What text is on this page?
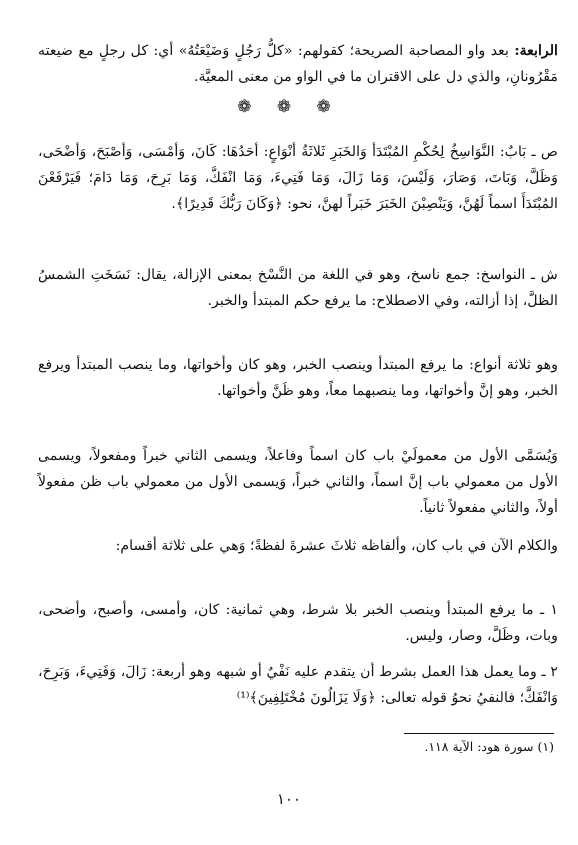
الرابعة: بعد واو المصاحبة الصريحة؛ كقولهم: «كلُّ رَجُلٍ وَضَيْعَتُهُ» أي: كل رجلٍ مع ضيعته مَقْرُونانِ، والذي دل على الاقتران ما في الواو من معنى المعيَّة.

❁ ❁ ❁

ص ـ بَابٌ: النَّوَاسِخُ لِحُكْمِ المُبْتَدَأ وَالخَبَرِ ثَلاثَةُ أنْوَاعٍ: أحَدُهَا: كَانَ، وَأمْسَى، وَأصْبَحَ، وَأضْحَى، وَظَلَّ، وَبَاتَ، وَصَارَ، وَلَيْسَ، وَمَا زَالَ، وَمَا فَتِيءَ، وَمَا انْفَكَّ، وَمَا بَرِحَ، وَمَا دَامَ؛ فَيَرْفَعْنَ المُبْتَدَأَ اسماً لَهُنَّ، وَيَنْصِبْنَ الخَبَرَ خَبَراً لهنَّ، نحو: ﴿وَكَانَ رَبُّكَ قَدِيرًا﴾.

ش ـ النواسخ: جمع ناسخ، وهو في اللغة من النَّسْخ بمعنى الإزالة، يقال: نَسَخَتِ الشمسُ الظلَّ، إذا أزالته، وفي الاصطلاح: ما يرفع حكم المبتدأ والخبر.

وهو ثلاثة أنواع: ما يرفع المبتدأ وينصب الخبر، وهو كان وأخواتها، وما ينصب المبتدأ ويرفع الخبر، وهو إنَّ وأخواتها، وما ينصبهما معاً، وهو ظَنَّ وأخواتها.

وَيُسَمَّى الأول من معمولَيْ باب كان اسماً وفاعلاً، ويسمى الثاني خبراً ومفعولاً، ويسمى الأول من معمولي باب إنَّ اسماً، والثاني خبراً، وَيسمى الأول من معمولي باب ظن مفعولاً أولاً، والثاني مفعولاً ثانياً.

والكلام الآن في باب كان، وألفاظه ثلاثَ عشرةَ لفظةً؛ وَهي على ثلاثة أقسام:

١ ـ ما يرفع المبتدأ وينصب الخبر بلا شرط، وهي ثمانية: كان، وأمسى، وأصبح، وأضحى، وبات، وظَلَّ، وصار، وليس.

٢ ـ وما يعمل هذا العمل بشرط أن يتقدم عليه نَفْيٌ أو شبهه وهو أربعة: زَالَ، وَفَتِيءَ، وَبَرِحَ، وَانْفَكَّ؛ فالنفيُ نحوُ قوله تعالى: ﴿وَلَا يَزَالُونَ مُخْتَلِفِينَ﴾⁽¹⁾

(١) سورة هود: الآية ١١٨.
١٠٠
